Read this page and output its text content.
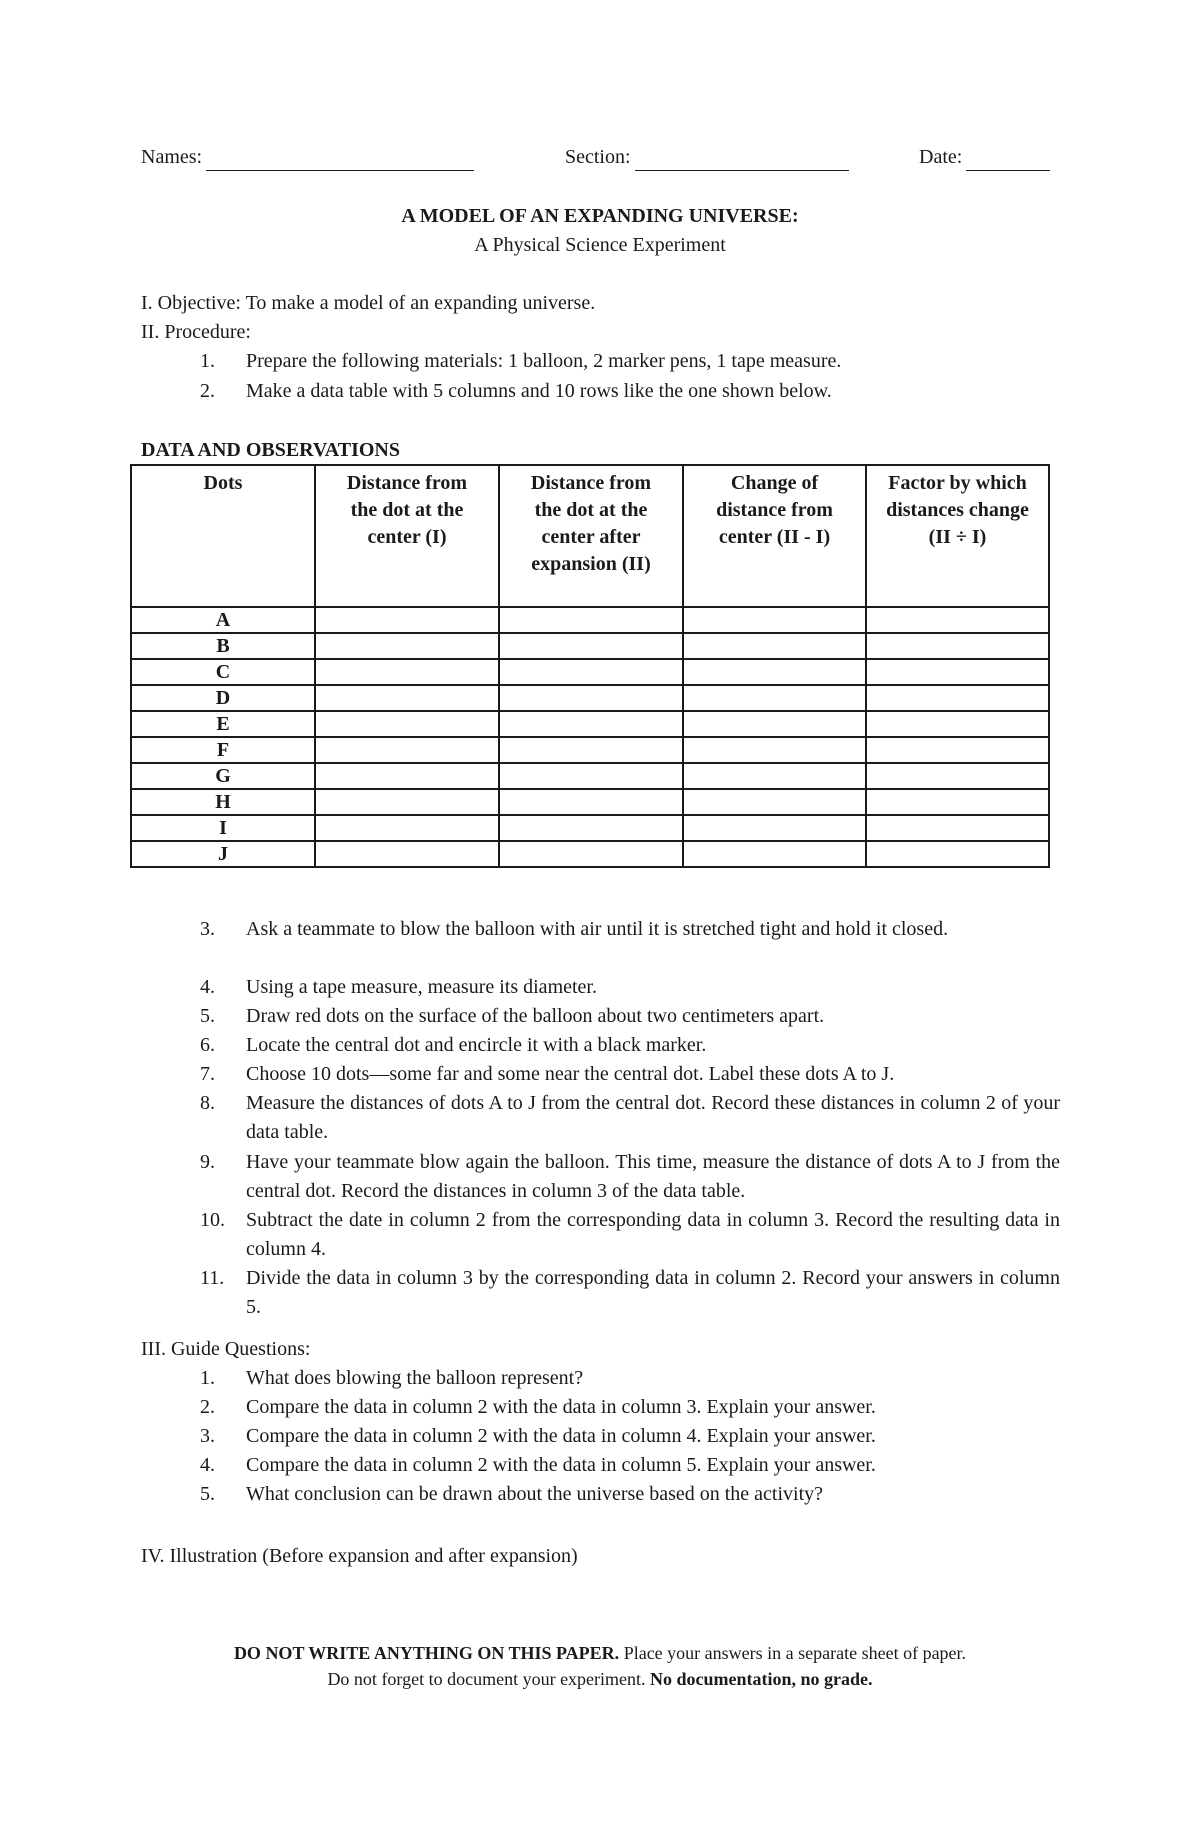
Names:	Section:	Date:
A MODEL OF AN EXPANDING UNIVERSE:
A Physical Science Experiment
I. Objective: To make a model of an expanding universe.
II. Procedure:
1.	Prepare the following materials: 1 balloon, 2 marker pens, 1 tape measure.
2.	Make a data table with 5 columns and 10 rows like the one shown below.
DATA AND OBSERVATIONS
Dots	Distance from the dot at the center (I)	Distance from the dot at the center after expansion (II)	Change of distance from center (II - I)	Factor by which distances change (II ÷ I)

A				
B				
C				
D				
E				
F				
G				
H				
I				
J				
3.	Ask a teammate to blow the balloon with air until it is stretched tight and hold it closed.
4.	Using a tape measure, measure its diameter.
5.	Draw red dots on the surface of the balloon about two centimeters apart.
6.	Locate the central dot and encircle it with a black marker.
7.	Choose 10 dots—some far and some near the central dot. Label these dots A to J.
8.	Measure the distances of dots A to J from the central dot. Record these distances in column 2 of your data table.
9.	Have your teammate blow again the balloon. This time, measure the distance of dots A to J from the central dot. Record the distances in column 3 of the data table.
10.	Subtract the date in column 2 from the corresponding data in column 3. Record the resulting data in column 4.
11.	Divide the data in column 3 by the corresponding data in column 2. Record your answers in column 5.
III. Guide Questions:
1.	What does blowing the balloon represent?
2.	Compare the data in column 2 with the data in column 3. Explain your answer.
3.	Compare the data in column 2 with the data in column 4. Explain your answer.
4.	Compare the data in column 2 with the data in column 5. Explain your answer.
5.	What conclusion can be drawn about the universe based on the activity?
IV. Illustration (Before expansion and after expansion)
DO NOT WRITE ANYTHING ON THIS PAPER. Place your answers in a separate sheet of paper.
Do not forget to document your experiment. No documentation, no grade.
